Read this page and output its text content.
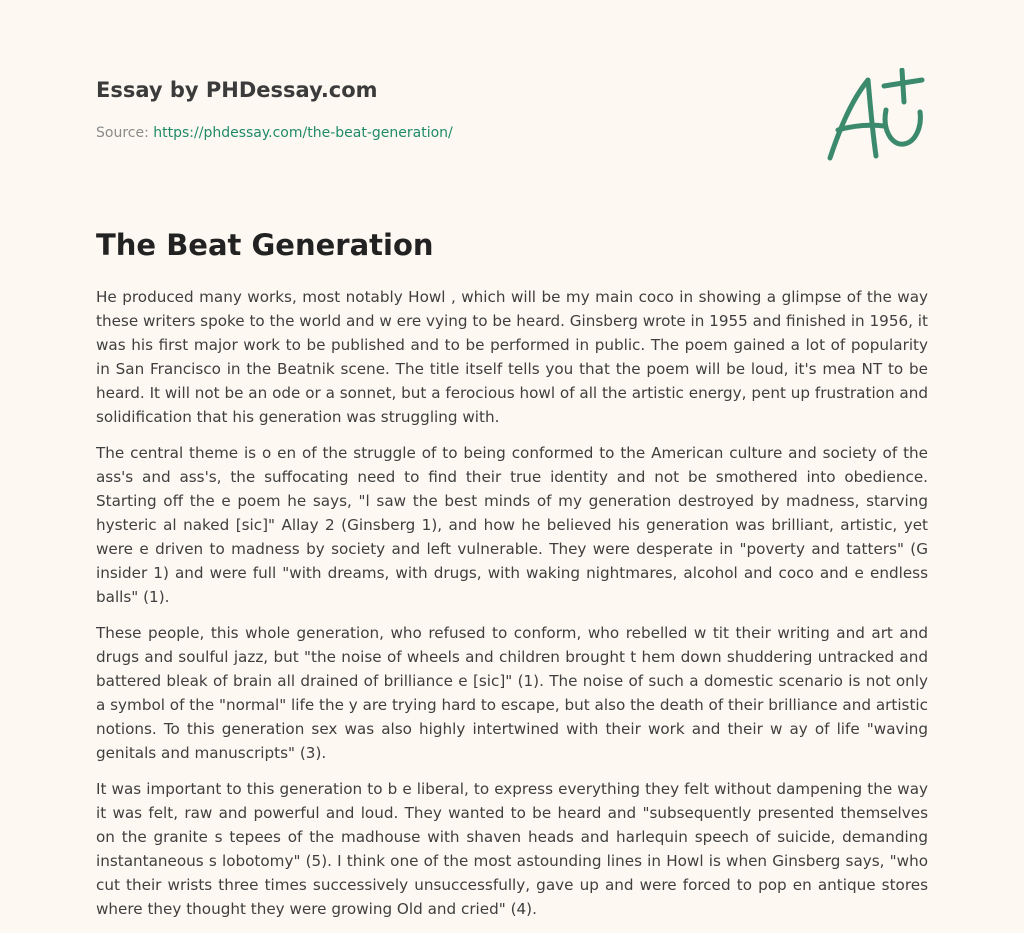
Essay by PHDessay.com

Source: https://phdessay.com/the-beat-generation/
The Beat Generation

He produced many works, most notably Howl , which will be my main coco in showing a glimpse of the way these writers spoke to the world and w ere vying to be heard. Ginsberg wrote in 1955 and finished in 1956, it was his first major work to be published and to be performed in public. The poem gained a lot of popularity in San Francisco in the Beatnik scene. The title itself tells you that the poem will be loud, it's mea NT to be heard. It will not be an ode or a sonnet, but a ferocious howl of all the artistic energy, pent up frustration and solidification that his generation was struggling with.

The central theme is o en of the struggle of to being conformed to the American culture and society of the ass's and ass's, the suffocating need to find their true identity and not be smothered into obedience. Starting off the e poem he says, "l saw the best minds of my generation destroyed by madness, starving hysteric al naked [sic]" Allay 2 (Ginsberg 1), and how he believed his generation was brilliant, artistic, yet were e driven to madness by society and left vulnerable. They were desperate in "poverty and tatters" (G insider 1) and were full "with dreams, with drugs, with waking nightmares, alcohol and coco and e endless balls" (1).

These people, this whole generation, who refused to conform, who rebelled w tit their writing and art and drugs and soulful jazz, but "the noise of wheels and children brought t hem down shuddering untracked and battered bleak of brain all drained of brilliance e [sic]" (1). The noise of such a domestic scenario is not only a symbol of the "normal" life the y are trying hard to escape, but also the death of their brilliance and artistic notions. To this generation sex was also highly intertwined with their work and their w ay of life "waving genitals and manuscripts" (3).

It was important to this generation to b e liberal, to express everything they felt without dampening the way it was felt, raw and powerful and loud. They wanted to be heard and "subsequently presented themselves on the granite s tepees of the madhouse with shaven heads and harlequin speech of suicide, demanding instantaneous s lobotomy" (5). I think one of the most astounding lines in Howl is when Ginsberg says, "who cut their wrists three times successively unsuccessfully, gave up and were forced to pop en antique stores where they thought they were growing Old and cried" (4).
